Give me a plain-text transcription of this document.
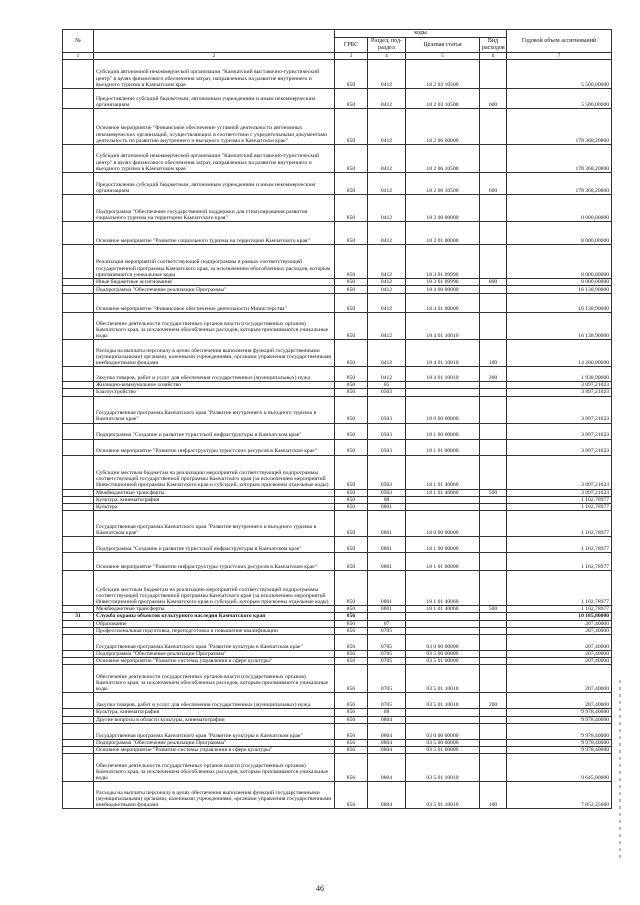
№		коды				Годовой объем ассигнований
		ГРБС	Раздел, под-раздел	Целевая статья	Вид расходов	
1	2	3	4	5	6	7
	Субсидия автономной некоммерческой организации "Камчатский выставочно-туристический центр" в целях финансового обеспечения затрат, направленных на развитие внутреннего и въездного туризма в Камчатском крае	850	0412	18 2 03 10500		5 500,00000
	Предоставление субсидий бюджетным, автономным учреждениям и иным некоммерческим организациям	850	0412	18 2 03 10500	600	5 500,00000
	Основное мероприятие "Финансовое обеспечение уставной деятельности автономных некоммерческих организаций, осуществляющих в соответствии с учредительными документами деятельность по развитию внутреннего и въездного туризма в Камчатском крае"	850	0412	18 2 06 00000		178 368,20800
	Субсидия автономной некоммерческой организации "Камчатский выставочно-туристический центр" в целях финансового обеспечения затрат, направленных на развитие внутреннего и въездного туризма в Камчатском крае	850	0412	18 2 06 10500		178 368,20800
	Предоставление субсидий бюджетным, автономным учреждениям и иным некоммерческим организациям	850	0412	18 2 06 10500	600	178 368,20800
	Подпрограмма "Обеспечение государственной поддержки для стимулирования развития социального туризма на территории Камчатского края"	850	0412	18 3 00 00000		8 000,00000
	Основное мероприятие "Развитие социального туризма на территории Камчатского края"	850	0412	18 3 01 00000		8 000,00000
	Реализация мероприятий соответствующей подпрограммы в рамках соответствующей государственной программы Камчатского края, за исключением обособленных расходов, которым присваиваются уникальные коды	850	0412	18 3 01 09990		8 000,00000
	Иные бюджетные ассигнования	850	0412	18 3 01 09990	800	8 000,00000
	Подпрограмма "Обеспечение реализации Программы"	850	0412	18 4 00 00000		16 138,90000
	Основное мероприятие "Финансовое обеспечение деятельности Министерства"	850	0412	18 4 01 00000		16 138,90000
	Обеспечение деятельности государственных органов власти (государственных органов) Камчатского края, за исключением обособленных расходов, которым присваиваются уникальные коды	850	0412	18 4 01 10010		16 138,90000
	Расходы на выплаты персоналу в целях обеспечения выполнения функций государственными (муниципальными) органами, казенными учреждениями, органами управления государственными внебюджетными фондами	850	0412	18 4 01 10010	100	14 200,00000
	Закупка товаров, работ и услуг для обеспечения государственных (муниципальных) нужд	850	0412	18 4 01 10010	200	1 938,90000
	Жилищно-коммунальное хозяйство	850	05			3 897,21023
	Благоустройство	850	0503			3 897,21023
	Государственная программа Камчатского края "Развитие внутреннего и въездного туризма в Камчатском крае"	850	0503	18 0 00 00000		3 897,21023
	Подпрограмма "Создание и развитие туристской инфраструктуры в Камчатском крае"	850	0503	18 1 00 00000		3 897,21023
	Основное мероприятие "Развитие инфраструктуры туристских ресурсов в Камчатском крае"	850	0503	18 1 01 00000		3 897,21023
	Субсидии местным бюджетам на реализацию мероприятий соответствующей подпрограммы соответствующей государственной программы Камчатского края (за исключением мероприятий Инвестиционной программы Камчатского края и субсидий, которым присвоены отдельные коды)	850	0503	18 1 01 40060		3 897,21023
	Межбюджетные трансферты	850	0503	18 1 01 40060	500	3 897,21023
	Культура, кинематография	850	08			1 102,78977
	Культура	850	0801			1 102,78977
	Государственная программа Камчатского края "Развитие внутреннего и въездного туризма в Камчатском крае"	850	0801	18 0 00 00000		1 102,78977
	Подпрограмма "Создание и развитие туристской инфраструктуры в Камчатском крае"	850	0801	18 1 00 00000		1 102,78977
	Основное мероприятие "Развитие инфраструктуры туристских ресурсов в Камчатском крае"	850	0801	18 1 01 00000		1 102,78977
	Субсидии местным бюджетам на реализацию мероприятий соответствующей подпрограммы соответствующей государственной программы Камчатского края (за исключением мероприятий Инвестиционной программы Камчатского края и субсидий, которым присвоены отдельные коды)	850	0801	18 1 01 40060		1 102,78977
	Межбюджетные трансферты	850	0801	18 1 01 40060	500	1 102,78977
31	Служба охраны объектов культурного наследия Камчатского края	856				10 185,80000
	Образование	856	07			207,40000
	Профессиональная подготовка, переподготовка и повышение квалификации	856	0705			207,40000
	Государственная программа Камчатского края "Развитие культуры в Камчатском крае"	856	0705	03 0 00 00000		207,40000
	Подпрограмма "Обеспечение реализации Программы"	856	0705	03 5 00 00000		207,40000
	Основное мероприятие "Развитие системы управления в сфере культуры"	856	0705	03 5 01 00000		207,40000
	Обеспечение деятельности государственных органов власти (государственных органов) Камчатского края, за исключением обособленных расходов, которым присваиваются уникальные коды	856	0705	03 5 01 10010		207,40000
	Закупка товаров, работ и услуг для обеспечения государственных (муниципальных) нужд	856	0705	03 5 01 10010	200	207,40000
	Культура, кинематография	856	08			9 978,40000
	Другие вопросы в области культуры, кинематографии	856	0804			9 978,40000
	Государственная программа Камчатского края "Развитие культуры в Камчатском крае"	856	0804	03 0 00 00000		9 978,40000
	Подпрограмма "Обеспечение реализации Программы"	856	0804	03 5 00 00000		9 978,40000
	Основное мероприятие "Развитие системы управления в сфере культуры"	856	0804	03 5 01 00000		9 978,40000
	Обеспечение деятельности государственных органов власти (государственных органов) Камчатского края, за исключением обособленных расходов, которым присваиваются уникальные коды	856	0804	03 5 01 10010		9 645,00000
	Расходы на выплаты персоналу в целях обеспечения выполнения функций государственными (муниципальными) органами, казенными учреждениями, органами управления государственными внебюджетными фондами	856	0804	03 5 01 10010	100	7 852,25000
46
